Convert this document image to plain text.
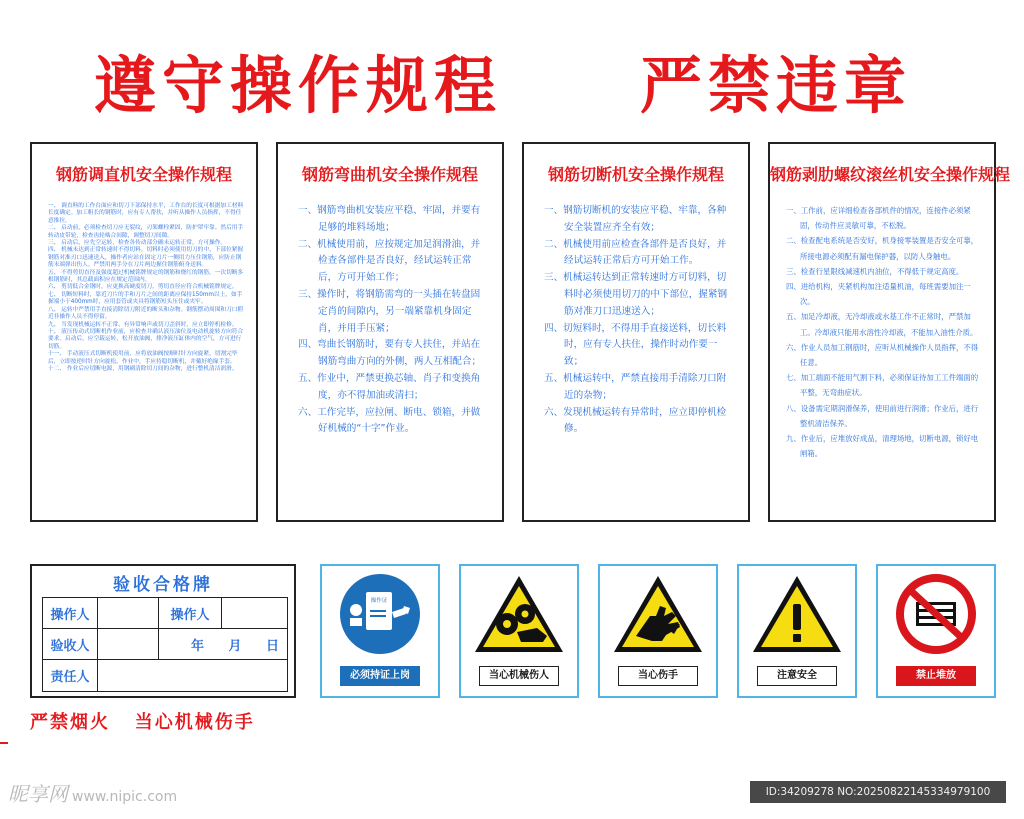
遵守操作规程 严禁违章
钢筋调直机安全操作规程
一、 调直料的工作台面应和切刀下部保持水平，工作台的长度可根据加工材料长度确定。加工粗长的钢筋时，应有专人帮扶，并听从操作人员指挥，不得任意推拉。
二、 启动前，必须检查切刀应无裂纹，刃架螺栓紧固，防护罩牢靠。然后用手转动皮带轮，检查齿轮啮合间隙，调整切刀间隙。
三、 启动后，应先空运转，检查各传动部分确未运转正常，方可操作。
四、 机械未达到正常转速时不得切料。切料时必须使用切刀的中、下部位紧握钢筋对准刃口迅速送入，操作者应站在固定刀片一侧用力压住钢筋，应防止钢筋末端弹出伤人。严禁用两手分在刀片两边握住钢筋俯身送料。
五、 不得剪切直径及强度超过机械铭牌规定的钢筋和烧红的钢筋。一次切断多根钢筋时，其总截面积应在规定范围内。
六、 剪切低合金钢时，应更换高硬度切刀，剪切直径应符合机械铭牌规定。
七、 切断短料时，靠近刀片的手和刀片之间的距离应保持150mm以上，如手握端小于400mm时，应用套管或夹具将钢筋短头压住或夹牢。
八、 运转中严禁用手直接清除切刀附近的断头和杂物。钢筋摆动周围和刀口附近非操作人员不得停留。
九、 当发现机械运转不正常、有异常响声或切刀歪斜时，应立即停机检修。
十、 液压传动式切断机作业前，应检查并确认液压油位及电动机旋转方向符合要求。启动后，应空载运转，松开放油阀，排净液压缸体内的空气，方可进行切筋。
十一、 手动液压式切断机使用前，应将放油阀按顺时针方向旋紧，切割完毕后，立即按逆时针方向旋松。作业中，手应持稳切断机，并戴好绝缘手套。
十二、 作业后应切断电源，用钢刷清除切刀间的杂物，进行整机清洁润滑。
钢筋弯曲机安全操作规程
一、钢筋弯曲机安装应平稳、牢固，并要有足够的堆料场地；
二、机械使用前，应按规定加足润滑油，并检查各部件是否良好，经试运转正常后，方可开始工作；
三、操作时，将钢筋需弯的一头插在转盘固定肖的间隙内，另一端紧靠机身固定肖，并用手压紧；
四、弯曲长钢筋时，要有专人扶住，并站在钢筋弯曲方向的外侧，两人互相配合；
五、作业中，严禁更换芯轴、肖子和变换角度，亦不得加油或清扫；
六、工作完毕，应拉闸、断电、锁箱，并做好机械的“十字”作业。
钢筋切断机安全操作规程
一、钢筋切断机的安装应平稳、牢靠，各种安全装置应齐全有效；
二、机械使用前应检查各部件是否良好，并经试运转正常后方可开始工作。
三、机械运转达到正常转速时方可切料，切料时必须使用切刀的中下部位，握紧钢筋对准刀口迅速送入；
四、切短料时，不得用手直接送料，切长料时，应有专人扶住，操作时动作要一致；
五、机械运转中，严禁直接用手清除刀口附近的杂物；
六、发现机械运转有异常时，应立即停机检修。
钢筋剥肋螺纹滚丝机安全操作规程
一、工作前，应详细检查各部机件的情况，连接件必须紧固，传动件应灵敏可靠，不松脱。
二、检查配电系统是否安好，机身接零装置是否安全可靠，所接电源必须配有漏电保护器，以防人身触电。
三、检查行星限线减速机内油位，不得低于规定高度。
四、进给机构，夹紧机构加注适量机油，每班需要加注一次。
五、加足冷却液，无冷却液或水基工作不正常时，严禁加工。冷却液只能用水溶性冷却液，不能加入油性介质。
六、作业人员加工钢筋时，应听从机械操作人员指挥，不得任意。
七、加工端面不能用气割下料，必须保证待加工工件端面的平整，无弯曲症状。
八、设备需定期润滑保养，使用前进行润滑；作业后，进行整机清洁保养。
九、作业后，应堆放好成品，清理场地，切断电源，锁好电闸箱。
验收合格牌
操作人		操作人	
验收人		年 月 日	
责任人			
操作证
必须持证上岗	当心机械伤人	当心伤手	注意安全	禁止堆放
严禁烟火   当心机械伤手
昵享网 www.nipic.com	ID:34209278 NO:20250822145334979100
